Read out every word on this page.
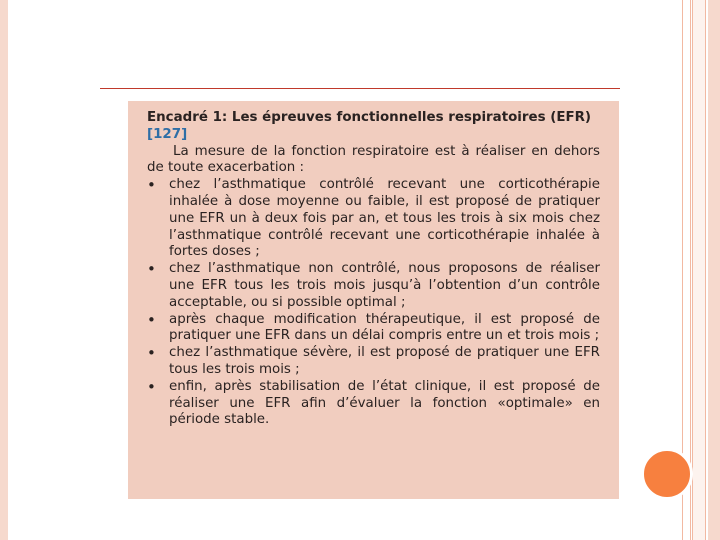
Encadré 1: Les épreuves fonctionnelles respiratoires (EFR) [127]
La mesure de la fonction respiratoire est à réaliser en dehors de toute exacerbation :
• chez l’asthmatique contrôlé recevant une corticothérapie inhalée à dose moyenne ou faible, il est proposé de pratiquer une EFR un à deux fois par an, et tous les trois à six mois chez l’asthmatique contrôlé recevant une corticothérapie inhalée à fortes doses ;
• chez l’asthmatique non contrôlé, nous proposons de réaliser une EFR tous les trois mois jusqu’à l’obtention d’un contrôle acceptable, ou si possible optimal ;
• après chaque modification thérapeutique, il est proposé de pratiquer une EFR dans un délai compris entre un et trois mois ;
• chez l’asthmatique sévère, il est proposé de pratiquer une EFR tous les trois mois ;
• enfin, après stabilisation de l’état clinique, il est proposé de réaliser une EFR afin d’évaluer la fonction «optimale» en période stable.
